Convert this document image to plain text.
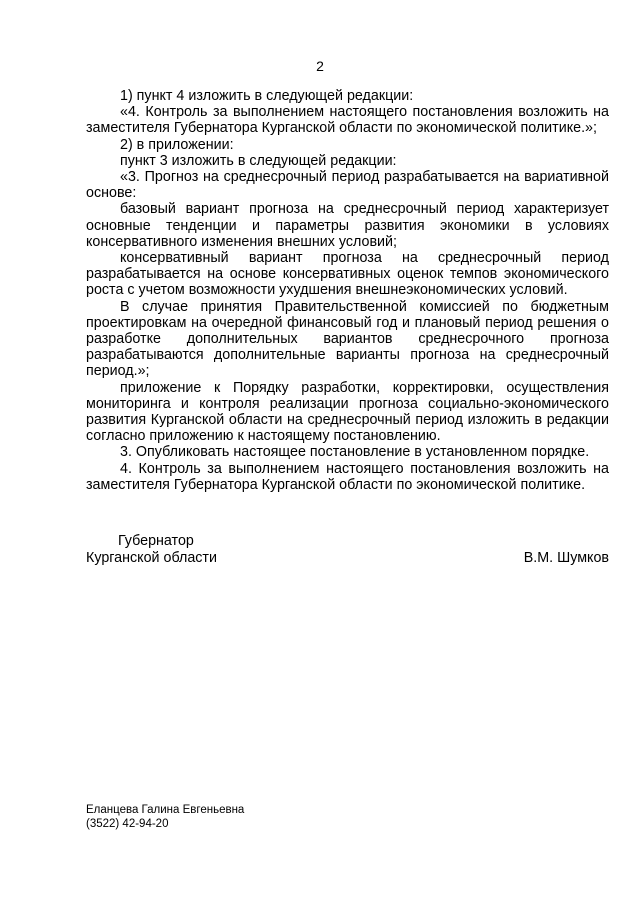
2

1) пункт 4 изложить в следующей редакции:

«4. Контроль за выполнением настоящего постановления возложить на заместителя Губернатора Курганской области по экономической политике.»;

2) в приложении:

пункт 3 изложить в следующей редакции:

«3. Прогноз на среднесрочный период разрабатывается на вариативной основе:

базовый вариант прогноза на среднесрочный период характеризует основные тенденции и параметры развития экономики в условиях консервативного изменения внешних условий;

консервативный вариант прогноза на среднесрочный период разрабатывается на основе консервативных оценок темпов экономического роста с учетом возможности ухудшения внешнеэкономических условий.

В случае принятия Правительственной комиссией по бюджетным проектировкам на очередной финансовый год и плановый период решения о разработке дополнительных вариантов среднесрочного прогноза разрабатываются дополнительные варианты прогноза на среднесрочный период.»;

приложение к Порядку разработки, корректировки, осуществления мониторинга и контроля реализации прогноза социально-экономического развития Курганской области на среднесрочный период изложить в редакции согласно приложению к настоящему постановлению.

3. Опубликовать настоящее постановление в установленном порядке.

4. Контроль за выполнением настоящего постановления возложить на заместителя Губернатора Курганской области по экономической политике.

Губернатор
Курганской области	В.М. Шумков
Еланцева Галина Евгеньевна
(3522) 42-94-20
